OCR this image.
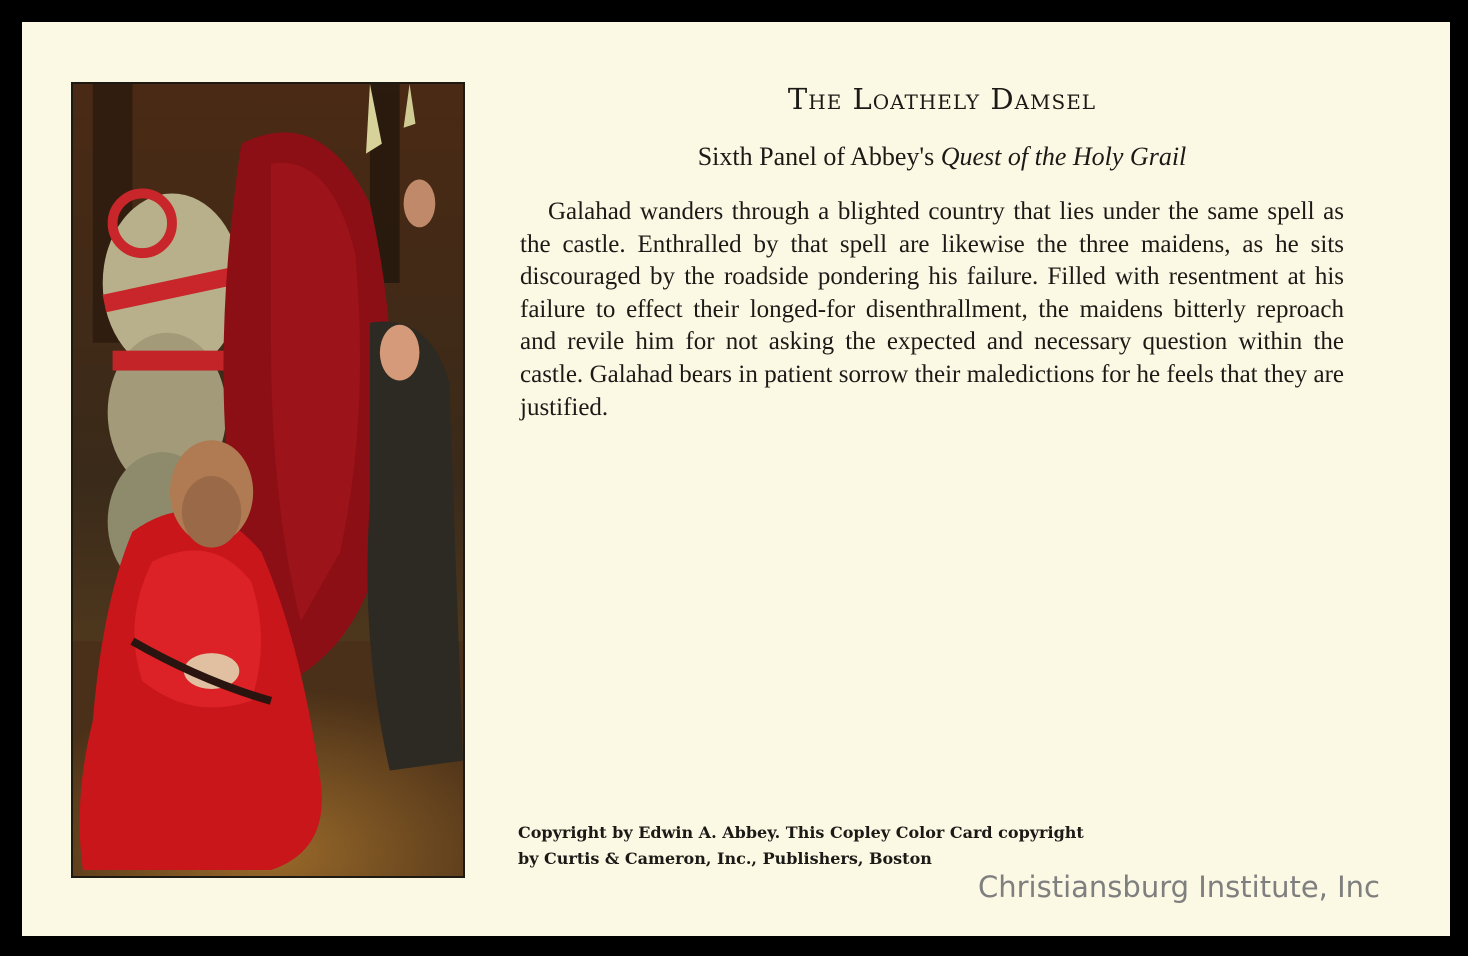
The Loathely Damsel
Sixth Panel of Abbey's Quest of the Holy Grail

Galahad wanders through a blighted country that lies under the same spell as the castle. Enthralled by that spell are likewise the three maidens, as he sits discouraged by the roadside pondering his failure. Filled with resentment at his failure to effect their longed-for disenthrallment, the maidens bitterly reproach and revile him for not asking the expected and necessary question within the castle. Galahad bears in patient sorrow their maledictions for he feels that they are justified.

Copyright by Edwin A. Abbey. This Copley Color Card copyright
by Curtis & Cameron, Inc., Publishers, Boston
Christiansburg Institute, Inc
